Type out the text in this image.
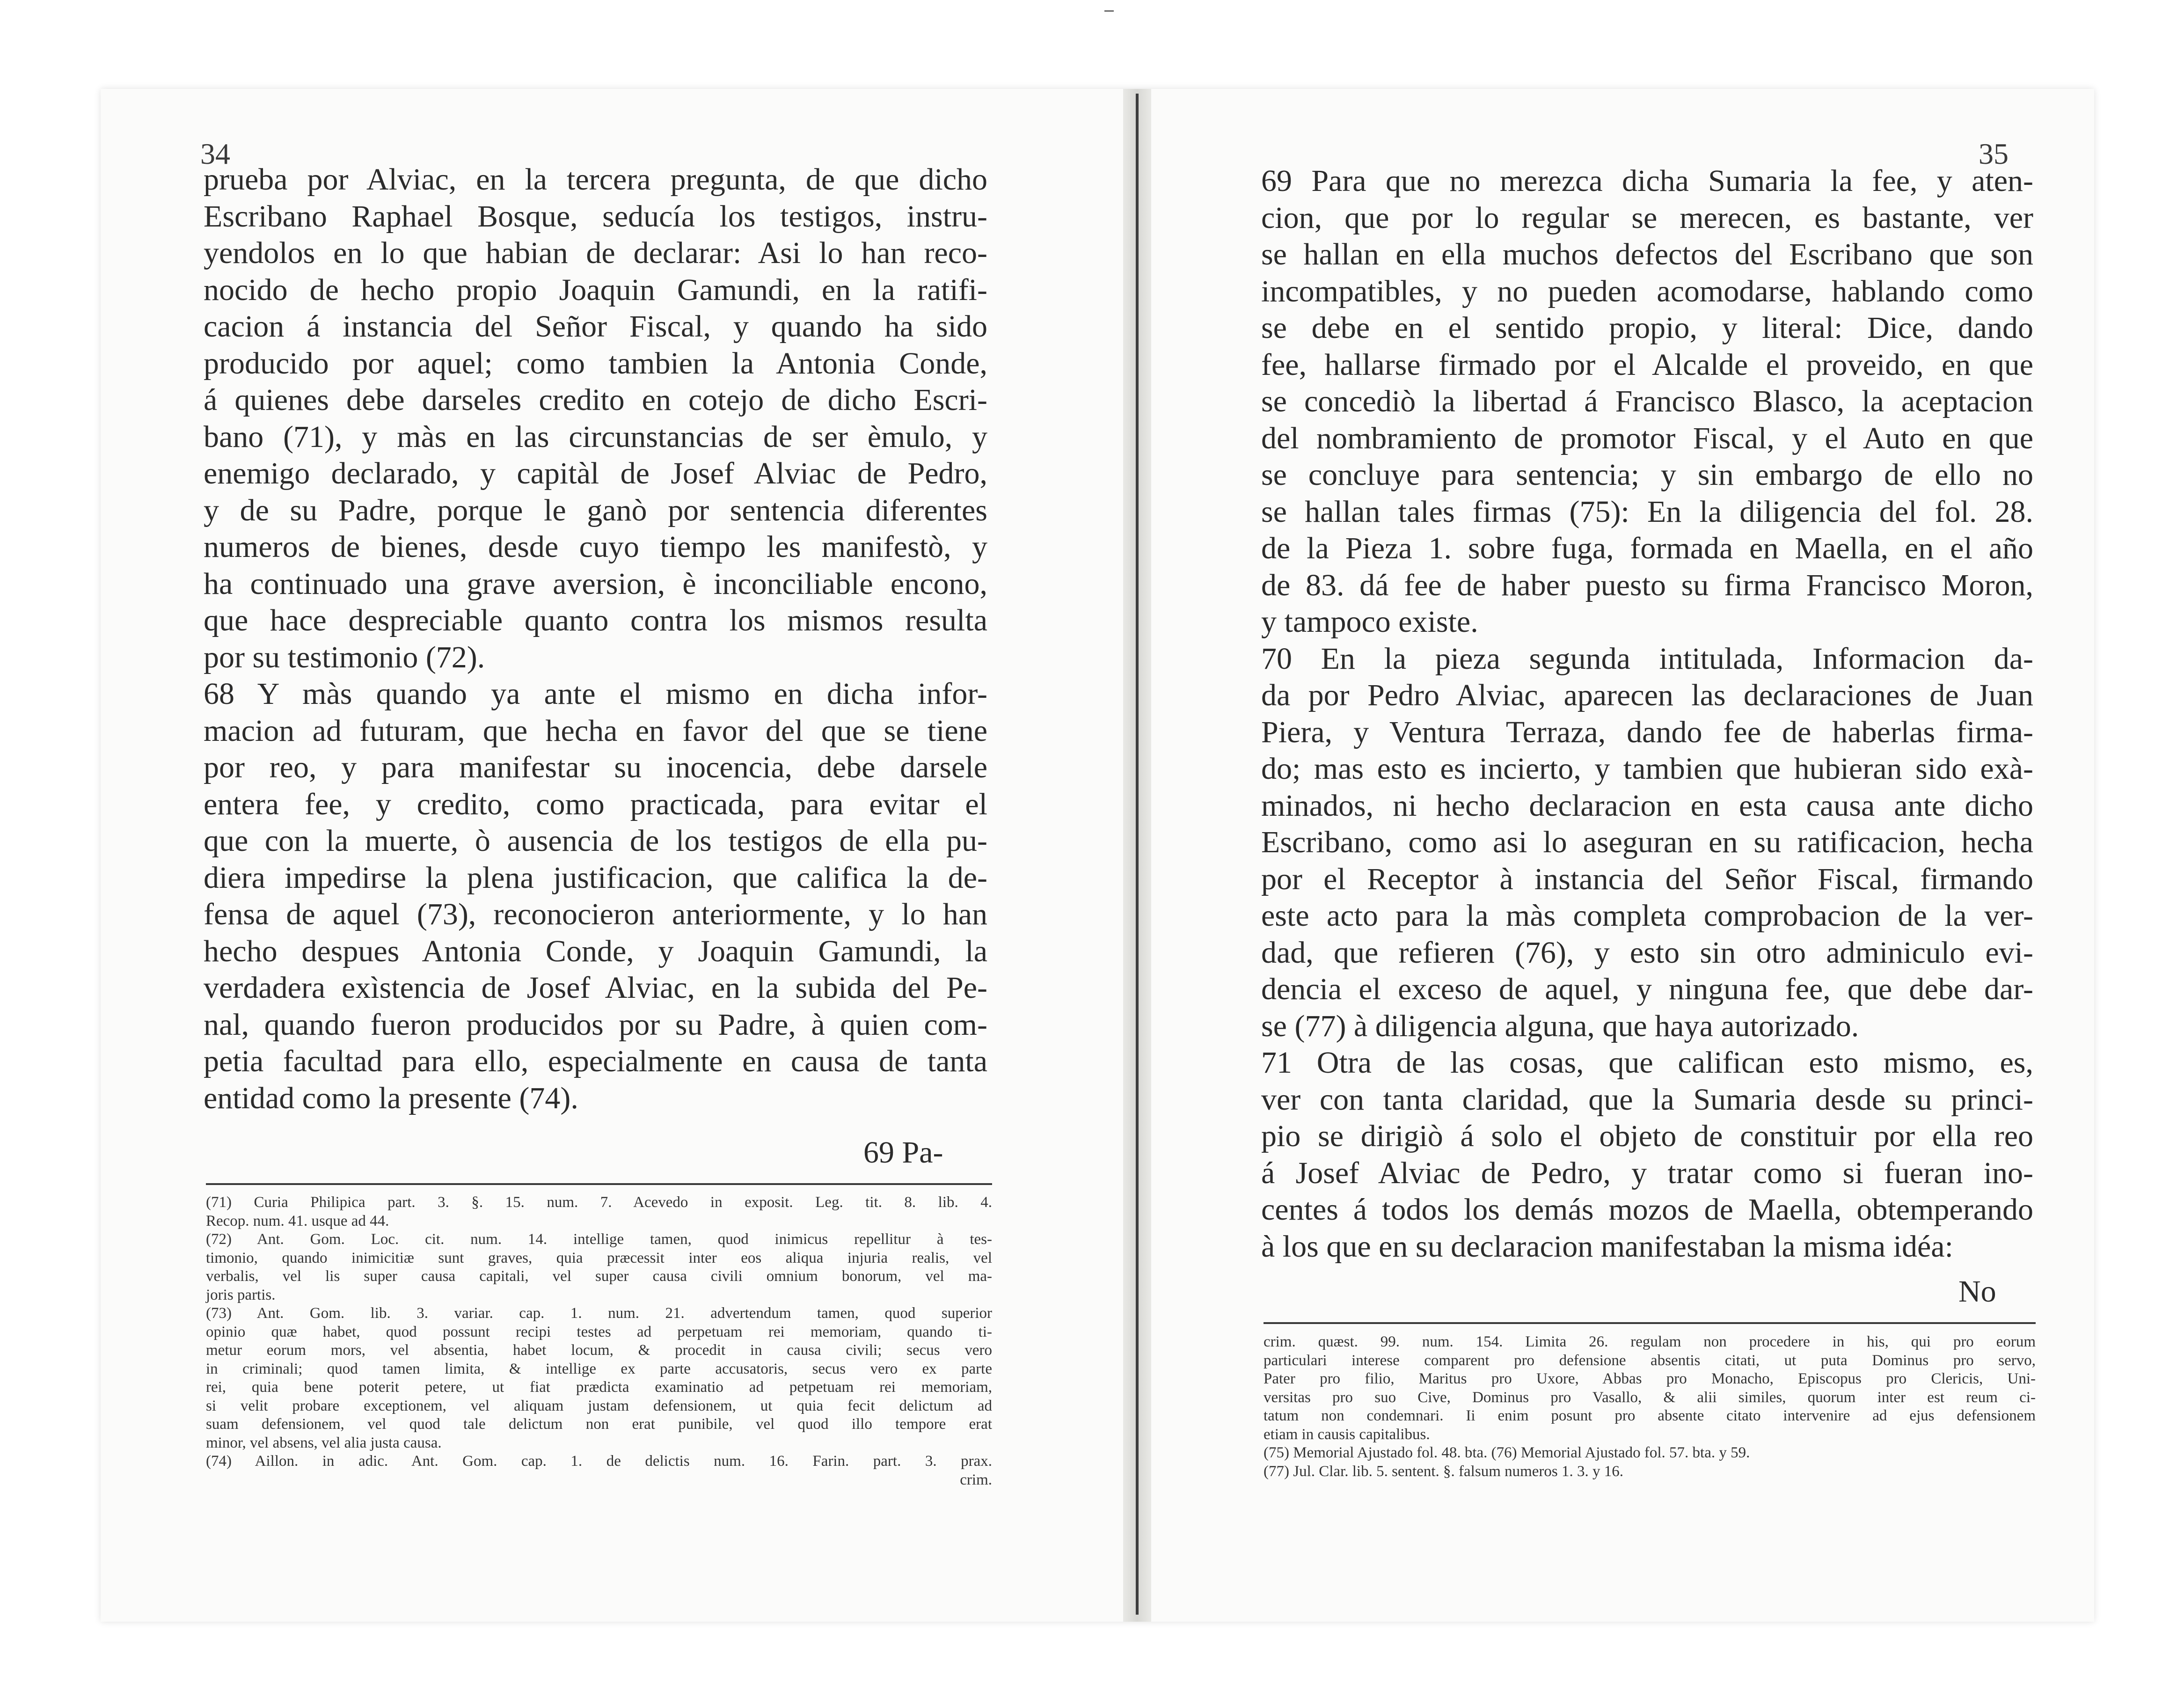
34
prueba por Alviac, en la tercera pregunta, de que dicho
Escribano Raphael Bosque, seducía los testigos, instru-
yendolos en lo que habian de declarar: Asi lo han reco-
nocido de hecho propio Joaquin Gamundi, en la ratifi-
cacion á instancia del Señor Fiscal, y quando ha sido
producido por aquel; como tambien la Antonia Conde,
á quienes debe darseles credito en cotejo de dicho Escri-
bano (71), y màs en las circunstancias de ser èmulo, y
enemigo declarado, y capitàl de Josef Alviac de Pedro,
y de su Padre, porque le ganò por sentencia diferentes
numeros de bienes, desde cuyo tiempo les manifestò, y
ha continuado una grave aversion, è inconciliable encono,
que hace despreciable quanto contra los mismos resulta
por su testimonio (72).
68 Y màs quando ya ante el mismo en dicha infor-
macion ad futuram, que hecha en favor del que se tiene
por reo, y para manifestar su inocencia, debe darsele
entera fee, y credito, como practicada, para evitar el
que con la muerte, ò ausencia de los testigos de ella pu-
diera impedirse la plena justificacion, que califica la de-
fensa de aquel (73), reconocieron anteriormente, y lo han
hecho despues Antonia Conde, y Joaquin Gamundi, la
verdadera exìstencia de Josef Alviac, en la subida del Pe-
nal, quando fueron producidos por su Padre, à quien com-
petia facultad para ello, especialmente en causa de tanta
entidad como la presente (74).
69 Pa-
(71) Curia Philipica part. 3. §. 15. num. 7. Acevedo in exposit. Leg. tit. 8. lib. 4.
Recop. num. 41. usque ad 44.
(72) Ant. Gom. Loc. cit. num. 14. intellige tamen, quod inimicus repellitur à tes-
timonio, quando inimicitiæ sunt graves, quia præcessit inter eos aliqua injuria realis, vel
verbalis, vel lis super causa capitali, vel super causa civili omnium bonorum, vel ma-
joris partis.
(73) Ant. Gom. lib. 3. variar. cap. 1. num. 21. advertendum tamen, quod superior
opinio quæ habet, quod possunt recipi testes ad perpetuam rei memoriam, quando ti-
metur eorum mors, vel absentia, habet locum, & procedit in causa civili; secus vero
in criminali; quod tamen limita, & intellige ex parte accusatoris, secus vero ex parte
rei, quia bene poterit petere, ut fiat prædicta examinatio ad petpetuam rei memoriam,
si velit probare exceptionem, vel aliquam justam defensionem, ut quia fecit delictum ad
suam defensionem, vel quod tale delictum non erat punibile, vel quod illo tempore erat
minor, vel absens, vel alia justa causa.
(74) Aillon. in adic. Ant. Gom. cap. 1. de delictis num. 16. Farin. part. 3. prax.
crim.
35
69 Para que no merezca dicha Sumaria la fee, y aten-
cion, que por lo regular se merecen, es bastante, ver
se hallan en ella muchos defectos del Escribano que son
incompatibles, y no pueden acomodarse, hablando como
se debe en el sentido propio, y literal: Dice, dando
fee, hallarse firmado por el Alcalde el proveido, en que
se concediò la libertad á Francisco Blasco, la aceptacion
del nombramiento de promotor Fiscal, y el Auto en que
se concluye para sentencia; y sin embargo de ello no
se hallan tales firmas (75): En la diligencia del fol. 28.
de la Pieza 1. sobre fuga, formada en Maella, en el año
de 83. dá fee de haber puesto su firma Francisco Moron,
y tampoco existe.
70 En la pieza segunda intitulada, Informacion da-
da por Pedro Alviac, aparecen las declaraciones de Juan
Piera, y Ventura Terraza, dando fee de haberlas firma-
do; mas esto es incierto, y tambien que hubieran sido exà-
minados, ni hecho declaracion en esta causa ante dicho
Escribano, como asi lo aseguran en su ratificacion, hecha
por el Receptor à instancia del Señor Fiscal, firmando
este acto para la màs completa comprobacion de la ver-
dad, que refieren (76), y esto sin otro adminiculo evi-
dencia el exceso de aquel, y ninguna fee, que debe dar-
se (77) à diligencia alguna, que haya autorizado.
71 Otra de las cosas, que califican esto mismo, es,
ver con tanta claridad, que la Sumaria desde su princi-
pio se dirigiò á solo el objeto de constituir por ella reo
á Josef Alviac de Pedro, y tratar como si fueran ino-
centes á todos los demás mozos de Maella, obtemperando
à los que en su declaracion manifestaban la misma idéa:
No
crim. quæst. 99. num. 154. Limita 26. regulam non procedere in his, qui pro eorum
particulari interese comparent pro defensione absentis citati, ut puta Dominus pro servo,
Pater pro filio, Maritus pro Uxore, Abbas pro Monacho, Episcopus pro Clericis, Uni-
versitas pro suo Cive, Dominus pro Vasallo, & alii similes, quorum inter est reum ci-
tatum non condemnari. Ii enim posunt pro absente citato intervenire ad ejus defensionem
etiam in causis capitalibus.
(75) Memorial Ajustado fol. 48. bta. (76) Memorial Ajustado fol. 57. bta. y 59.
(77) Jul. Clar. lib. 5. sentent. §. falsum numeros 1. 3. y 16.
